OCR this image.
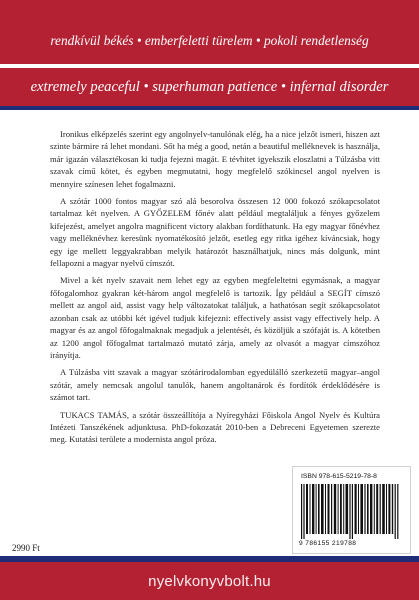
rendkívül békés • emberfeletti türelem • pokoli rendetlenség
extremely peaceful • superhuman patience • infernal disorder

Ironikus elképzelés szerint egy angolnyelv-tanulónak elég, ha a nice jelzőt ismeri, hiszen azt szinte bármire rá lehet mondani. Sőt ha még a good, netán a beautiful melléknevek is használja, már igazán választékosan ki tudja fejezni magát. E tévhitet igyekszik eloszlatni a Túlzásba vitt szavak című kötet, és egyben megmutatni, hogy megfelelő szókincsel angol nyelven is mennyire színesen lehet fogalmazni.

A szótár 1000 fontos magyar szó alá besorolva összesen 12 000 fokozó szókapcsolatot tartalmaz két nyelven. A GYŐZELEM főnév alatt például megtaláljuk a fényes győzelem kifejezést, amelyet angolra magnificent victory alakban fordíthatunk. Ha egy magyar főnévhez vagy melléknévhez keresünk nyomatékosító jelzőt, esetleg egy ritka igéhez kíváncsiak, hogy egy ige mellett leggyakrabban melyik határozót használhatjuk, nincs más dolgunk, mint fellapozni a magyar nyelvű címszót.

Mivel a két nyelv szavait nem lehet egy az egyben megfeleltetni egymásnak, a magyar főfogalomhoz gyakran két-három angol megfelelő is tartozik. Így például a SEGÍT címszó mellett az angol aid, assist vagy help változatokat találjuk, a hathatósan segít szókapcsolatot azonban csak az utóbbi két igével tudjuk kifejezni: effectively assist vagy effectively help. A magyar és az angol főfogalmaknak megadjuk a jelentését, és közöljük a szófaját is. A kötetben az 1200 angol főfogalmat tartalmazó mutató zárja, amely az olvasót a magyar címszóhoz irányítja.

A Túlzásba vitt szavak a magyar szótárirodalomban egyedülálló szerkezetű magyar–angol szótár, amely nemcsak angolul tanulók, hanem angoltanárok és fordítók érdeklődésére is számot tart.

TUKACS TAMÁS, a szótár összeállítója a Nyíregyházi Főiskola Angol Nyelv és Kultúra Intézeti Tanszékének adjunktusa. PhD-fokozatát 2010-ben a Debreceni Egyetemen szerezte meg. Kutatási területe a modernista angol próza.

2990 Ft
ISBN 978-615-5219-78-8
9 786155 219788
nyelvkonyvbolt.hu
